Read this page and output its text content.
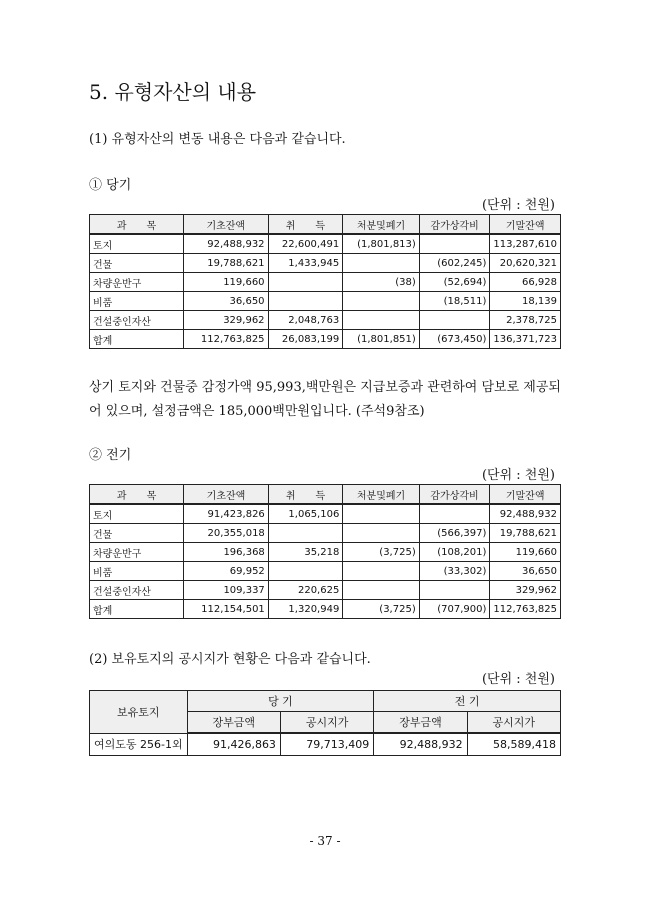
5. 유형자산의 내용
(1) 유형자산의 변동 내용은 다음과 같습니다.
① 당기
(단위 : 천원)
과　　목	기초잔액	취　　득	처분및폐기	감가상각비	기말잔액
토지	92,488,932	22,600,491	(1,801,813)		113,287,610
건물	19,788,621	1,433,945		(602,245)	20,620,321
차량운반구	119,660		(38)	(52,694)	66,928
비품	36,650			(18,511)	18,139
건설중인자산	329,962	2,048,763			2,378,725
합계	112,763,825	26,083,199	(1,801,851)	(673,450)	136,371,723
상기 토지와 건물중 감정가액 95,993,백만원은 지급보증과 관련하여 담보로 제공되어 있으며, 설정금액은 185,000백만원입니다. (주석9참조)
② 전기
(단위 : 천원)
과　　목	기초잔액	취　　득	처분및폐기	감가상각비	기말잔액
토지	91,423,826	1,065,106			92,488,932
건물	20,355,018			(566,397)	19,788,621
차량운반구	196,368	35,218	(3,725)	(108,201)	119,660
비품	69,952			(33,302)	36,650
건설중인자산	109,337	220,625			329,962
합계	112,154,501	1,320,949	(3,725)	(707,900)	112,763,825
(2) 보유토지의 공시지가 현황은 다음과 같습니다.
(단위 : 천원)
보유토지	당 기		전 기	
	장부금액	공시지가	장부금액	공시지가
여의도동 256-1외	91,426,863	79,713,409	92,488,932	58,589,418
- 37 -
